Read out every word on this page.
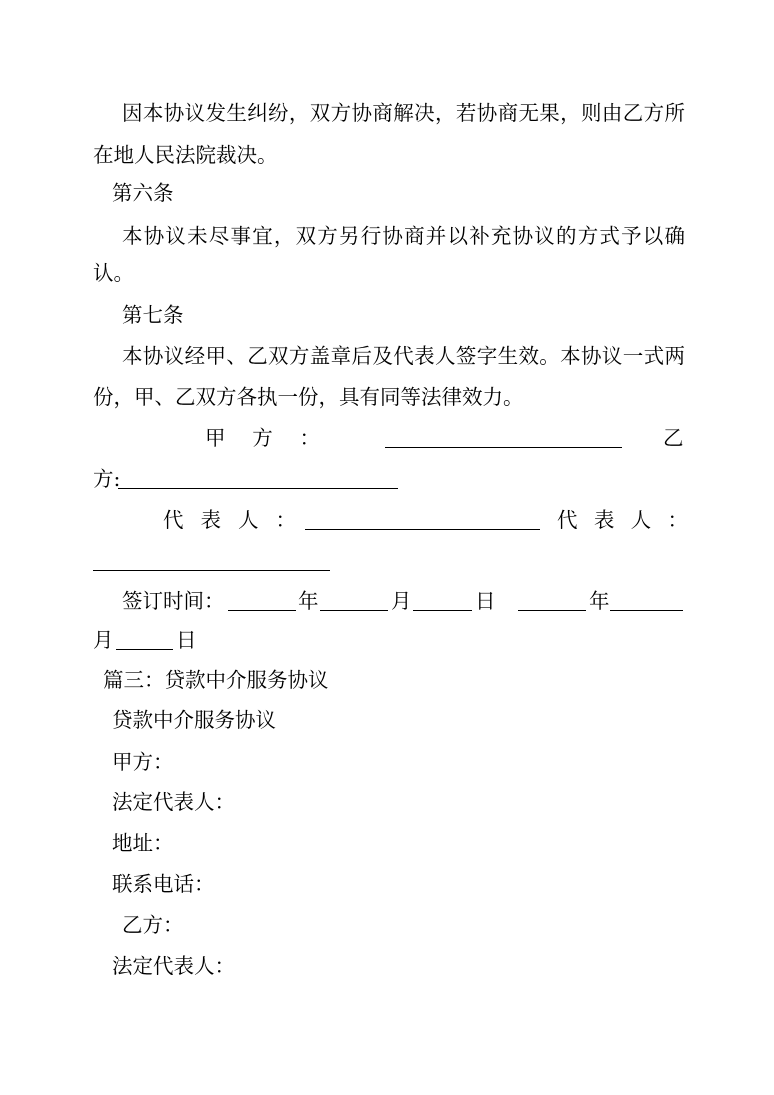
因本协议发生纠纷，双方协商解决，若协商无果，则由乙方所
在地人民法院裁决。
第六条
本协议未尽事宜，双方另行协商并以补充协议的方式予以确
认。
第七条
本协议经甲、乙双方盖章后及代表人签字生效。本协议一式两
份，甲、乙双方各执一份，具有同等法律效力。
甲方：	乙
方:
代表人：	代表人：
签订时间：	年	月	日	年
月	日
篇三：贷款中介服务协议
贷款中介服务协议
甲方：
法定代表人：
地址：
联系电话：
乙方：
法定代表人：
